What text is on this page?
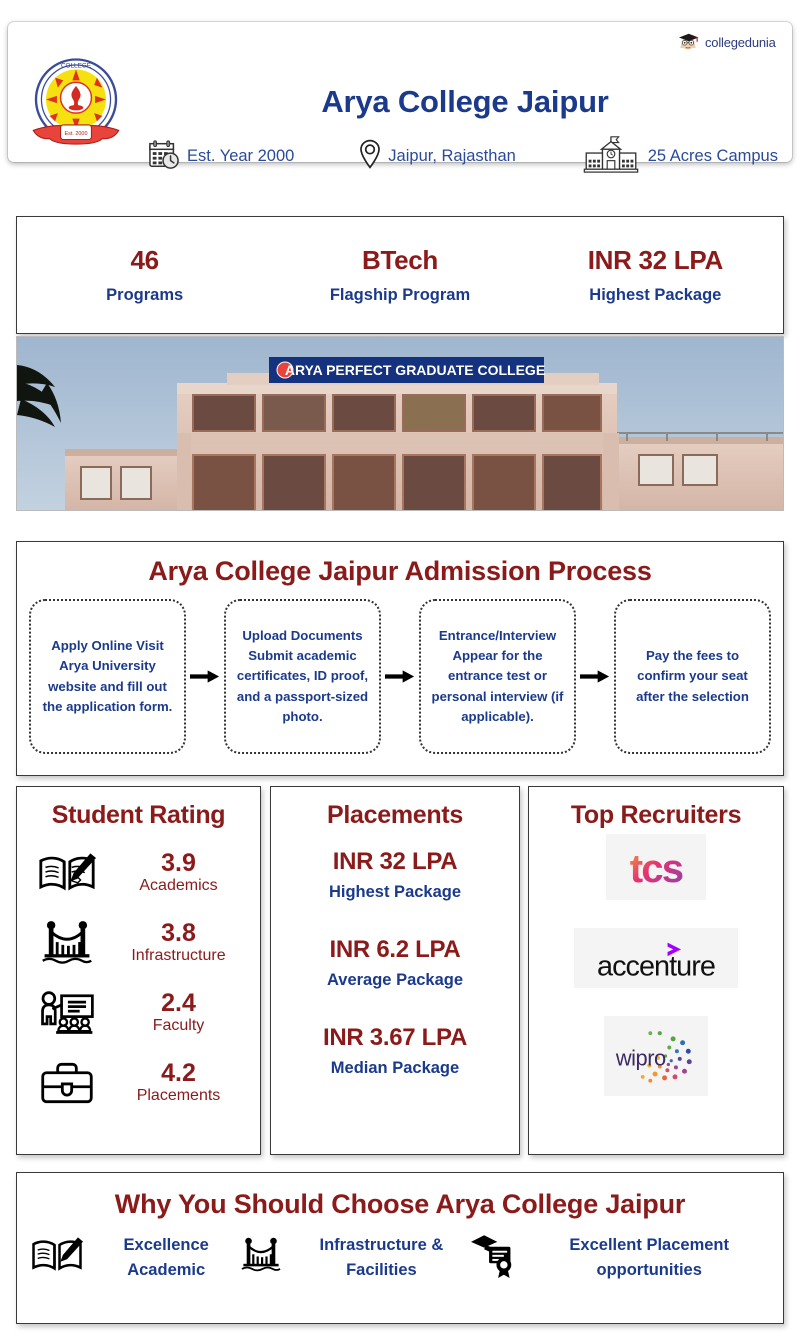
collegedunia
COLLEGE
Est. 2000
Arya College Jaipur
Est. Year 2000	Jaipur, Rajasthan	25 Acres Campus
46
Programs
BTech
Flagship Program
INR 32 LPA
Highest Package
ARYA PERFECT GRADUATE COLLEGE
Arya College Jaipur Admission Process

Apply Online Visit Arya University website and fill out the application form.

Upload Documents Submit academic certificates, ID proof, and a passport-sized photo.

Entrance/Interview Appear for the entrance test or personal interview (if applicable).

Pay the fees to confirm your seat after the selection

Student Rating
3.9
Academics
3.8
Infrastructure
2.4
Faculty
4.2
Placements
Placements
INR 32 LPA
Highest Package
INR 6.2 LPA
Average Package
INR 3.67 LPA
Median Package
Top Recruiters
tcs
accenture
wipro
Why You Should Choose Arya College Jaipur
Excellence Academic
Infrastructure & Facilities
Excellent Placement opportunities
